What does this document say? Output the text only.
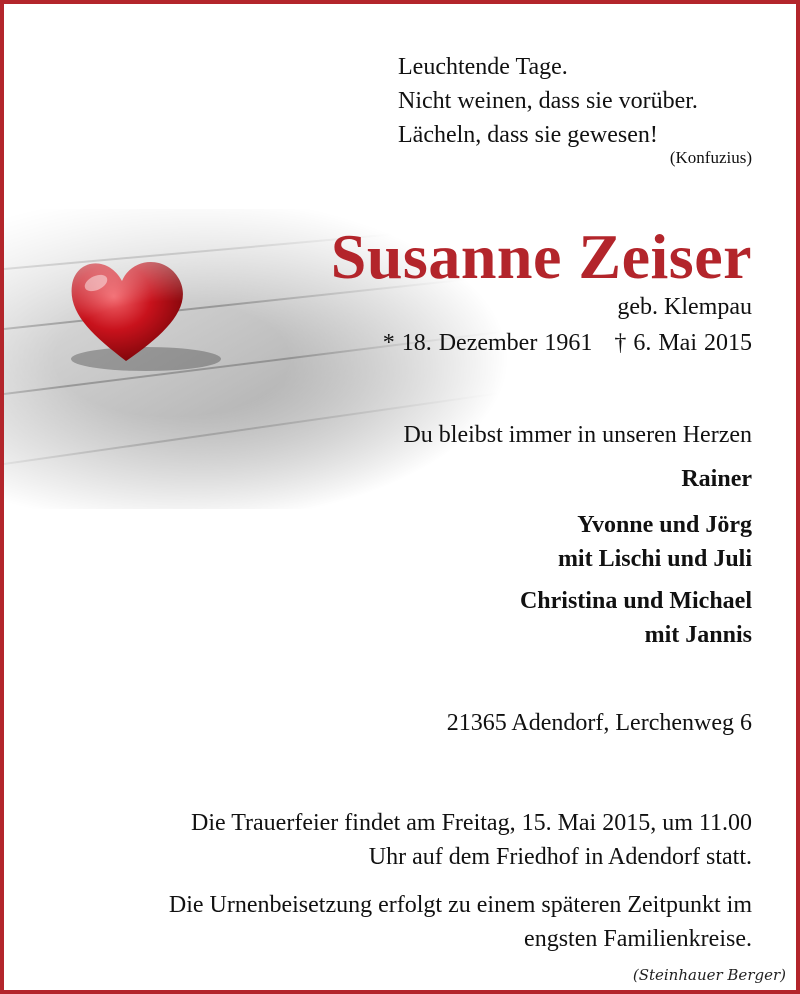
Leuchtende Tage.
Nicht weinen, dass sie vorüber.
Lächeln, dass sie gewesen!
(Konfuzius)
Susanne Zeiser
geb. Klempau
* 18. Dezember 1961 † 6. Mai 2015
Du bleibst immer in unseren Herzen
Rainer
Yvonne und Jörg
mit Lischi und Juli
Christina und Michael
mit Jannis
21365 Adendorf, Lerchenweg 6
Die Trauerfeier findet am Freitag, 15. Mai 2015, um 11.00
Uhr auf dem Friedhof in Adendorf statt.
Die Urnenbeisetzung erfolgt zu einem späteren Zeitpunkt im
engsten Familienkreise.
(Steinhauer Berger)
